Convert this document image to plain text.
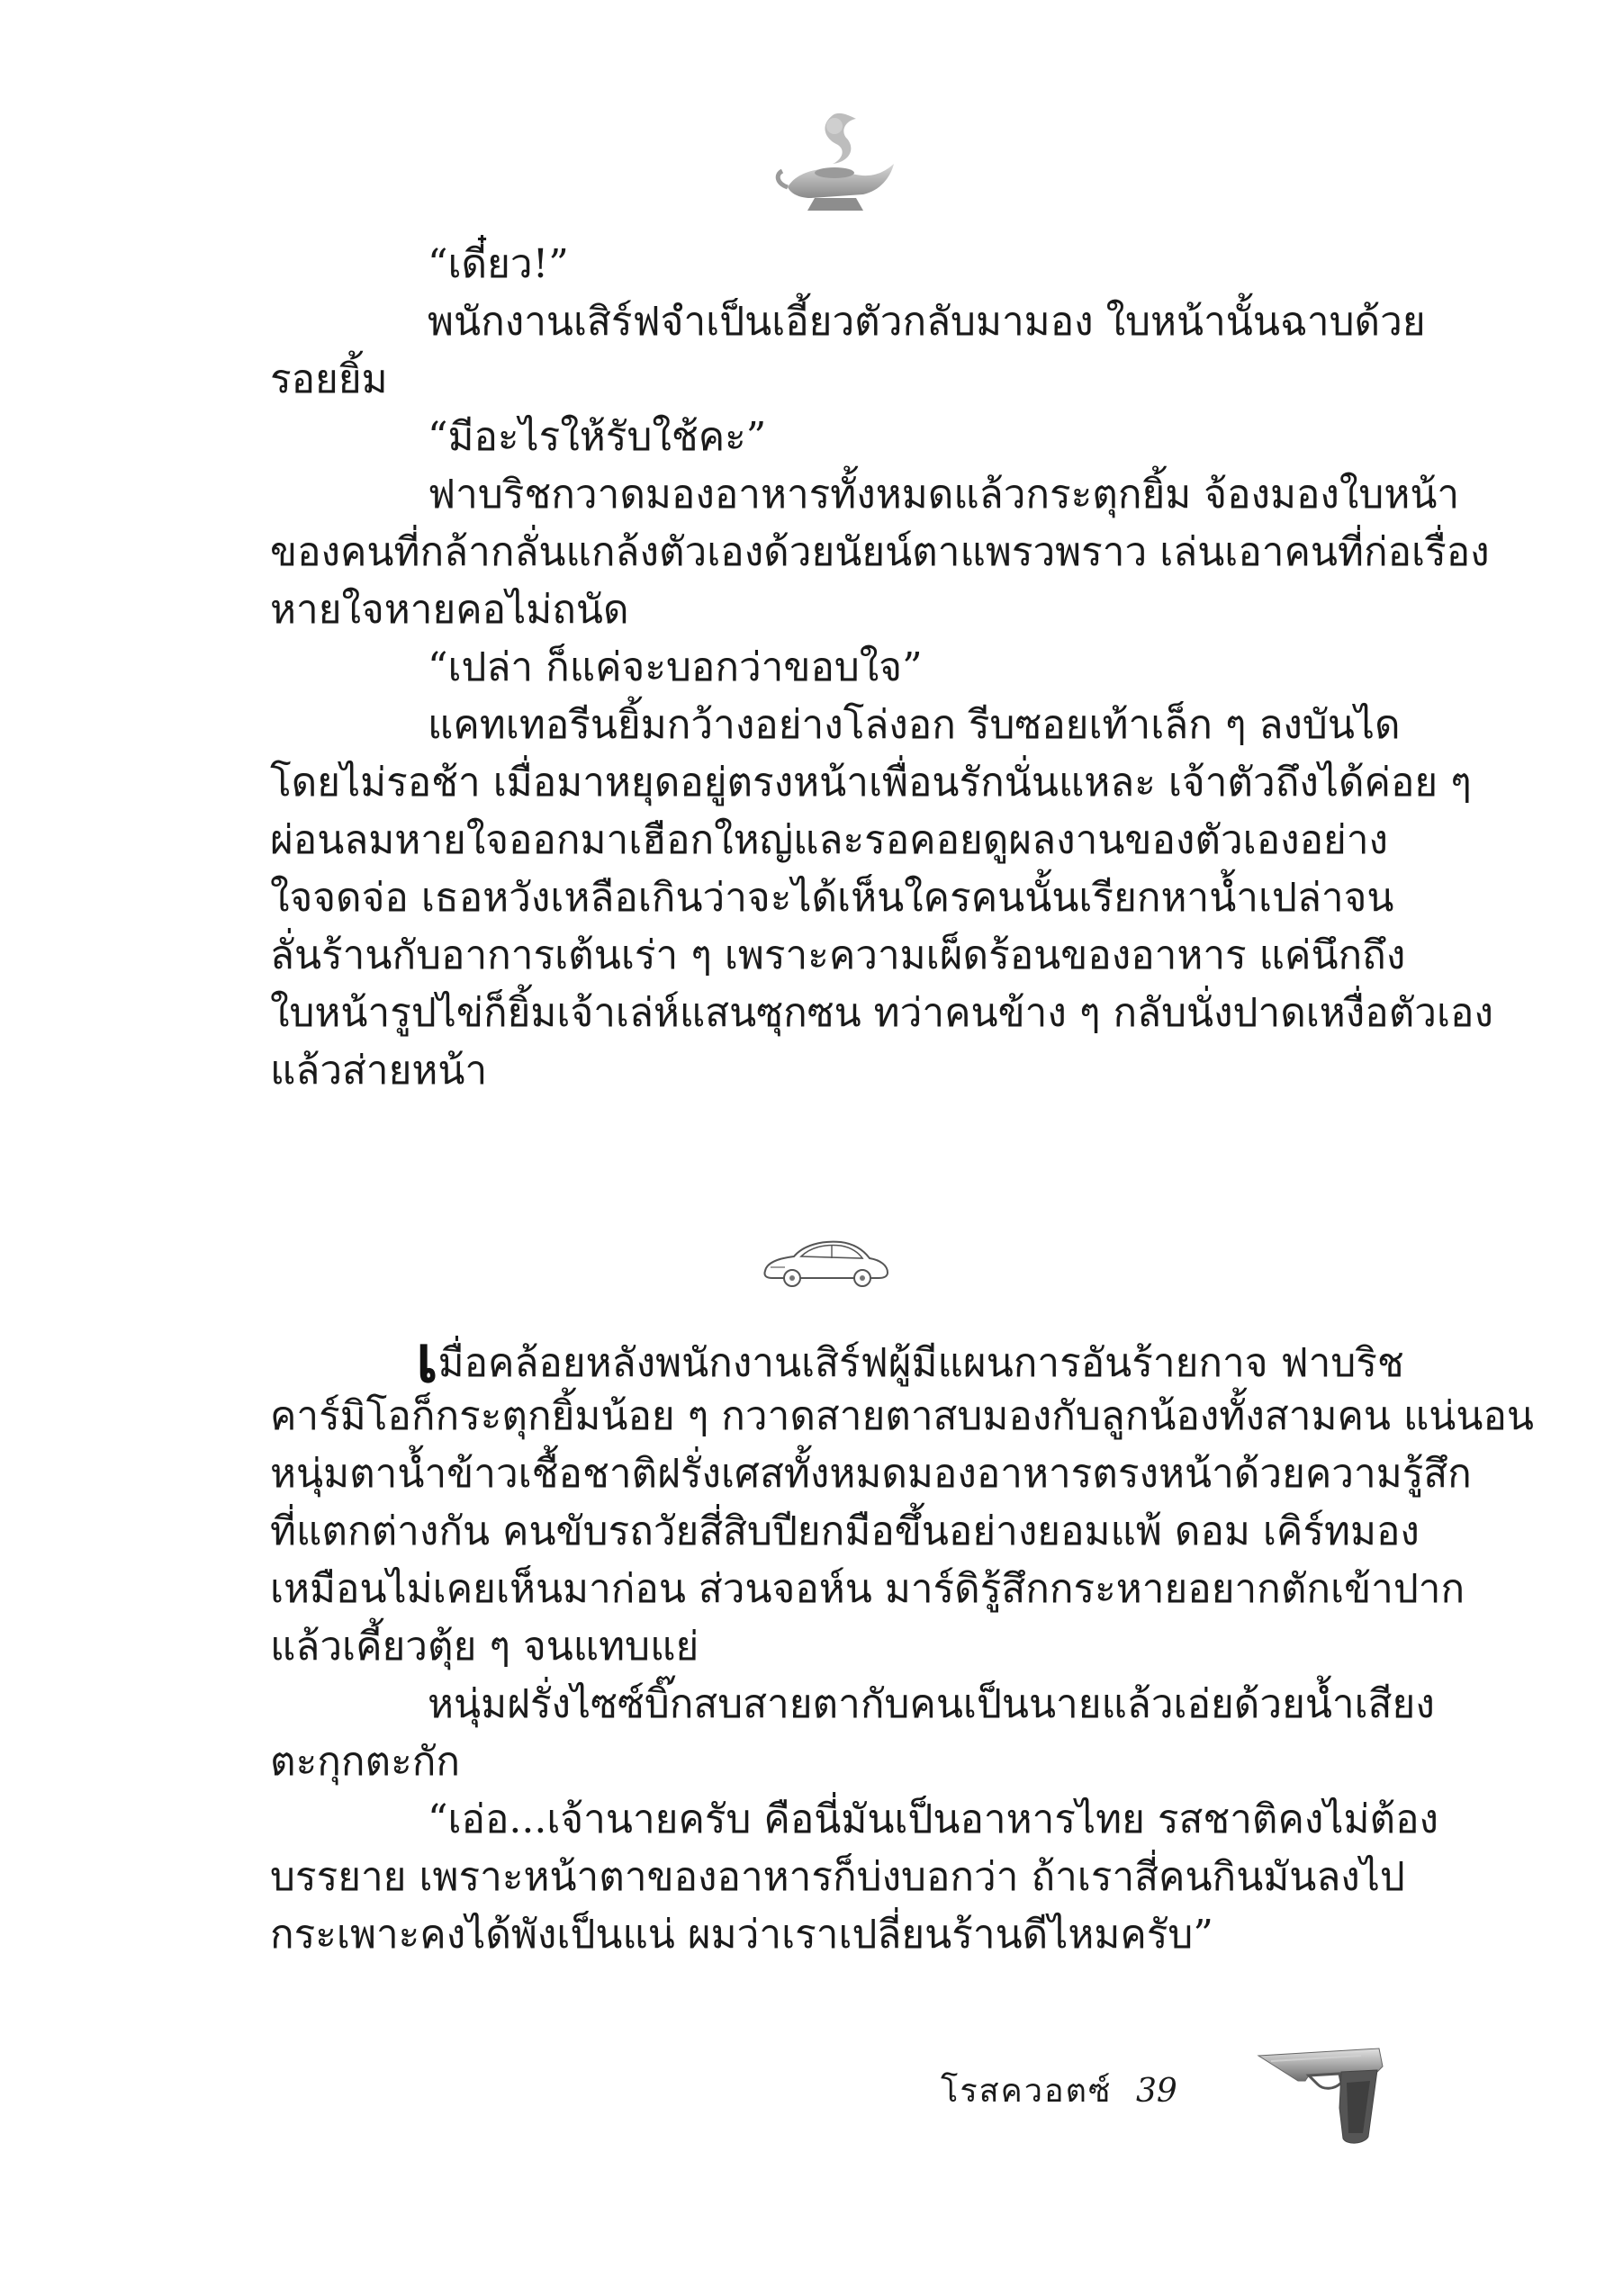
“เดี๋ยว!”
พนักงานเสิร์ฟจำเป็นเอี้ยวตัวกลับมามอง ใบหน้านั้นฉาบด้วย
รอยยิ้ม
“มีอะไรให้รับใช้คะ”
ฟาบริชกวาดมองอาหารทั้งหมดแล้วกระตุกยิ้ม จ้องมองใบหน้า
ของคนที่กล้ากลั่นแกล้งตัวเองด้วยนัยน์ตาแพรวพราว เล่นเอาคนที่ก่อเรื่อง
หายใจหายคอไม่ถนัด
“เปล่า ก็แค่จะบอกว่าขอบใจ”
แคทเทอรีนยิ้มกว้างอย่างโล่งอก รีบซอยเท้าเล็ก ๆ ลงบันได
โดยไม่รอช้า เมื่อมาหยุดอยู่ตรงหน้าเพื่อนรักนั่นแหละ เจ้าตัวถึงได้ค่อย ๆ
ผ่อนลมหายใจออกมาเฮือกใหญ่และรอคอยดูผลงานของตัวเองอย่าง
ใจจดจ่อ เธอหวังเหลือเกินว่าจะได้เห็นใครคนนั้นเรียกหาน้ำเปล่าจน
ลั่นร้านกับอาการเต้นเร่า ๆ เพราะความเผ็ดร้อนของอาหาร แค่นึกถึง
ใบหน้ารูปไข่ก็ยิ้มเจ้าเล่ห์แสนซุกซน ทว่าคนข้าง ๆ กลับนั่งปาดเหงื่อตัวเอง
แล้วส่ายหน้า
เมื่อคล้อยหลังพนักงานเสิร์ฟผู้มีแผนการอันร้ายกาจ ฟาบริช
คาร์มิโอก็กระตุกยิ้มน้อย ๆ กวาดสายตาสบมองกับลูกน้องทั้งสามคน แน่นอน
หนุ่มตาน้ำข้าวเชื้อชาติฝรั่งเศสทั้งหมดมองอาหารตรงหน้าด้วยความรู้สึก
ที่แตกต่างกัน คนขับรถวัยสี่สิบปียกมือขึ้นอย่างยอมแพ้ ดอม เคิร์ทมอง
เหมือนไม่เคยเห็นมาก่อน ส่วนจอห์น มาร์ดิรู้สึกกระหายอยากตักเข้าปาก
แล้วเคี้ยวตุ้ย ๆ จนแทบแย่
หนุ่มฝรั่งไซซ์บิ๊กสบสายตากับคนเป็นนายแล้วเอ่ยด้วยน้ำเสียง
ตะกุกตะกัก
“เอ่อ...เจ้านายครับ คือนี่มันเป็นอาหารไทย รสชาติคงไม่ต้อง
บรรยาย เพราะหน้าตาของอาหารก็บ่งบอกว่า ถ้าเราสี่คนกินมันลงไป
กระเพาะคงได้พังเป็นแน่ ผมว่าเราเปลี่ยนร้านดีไหมครับ”
โรสควอตซ์ 39
